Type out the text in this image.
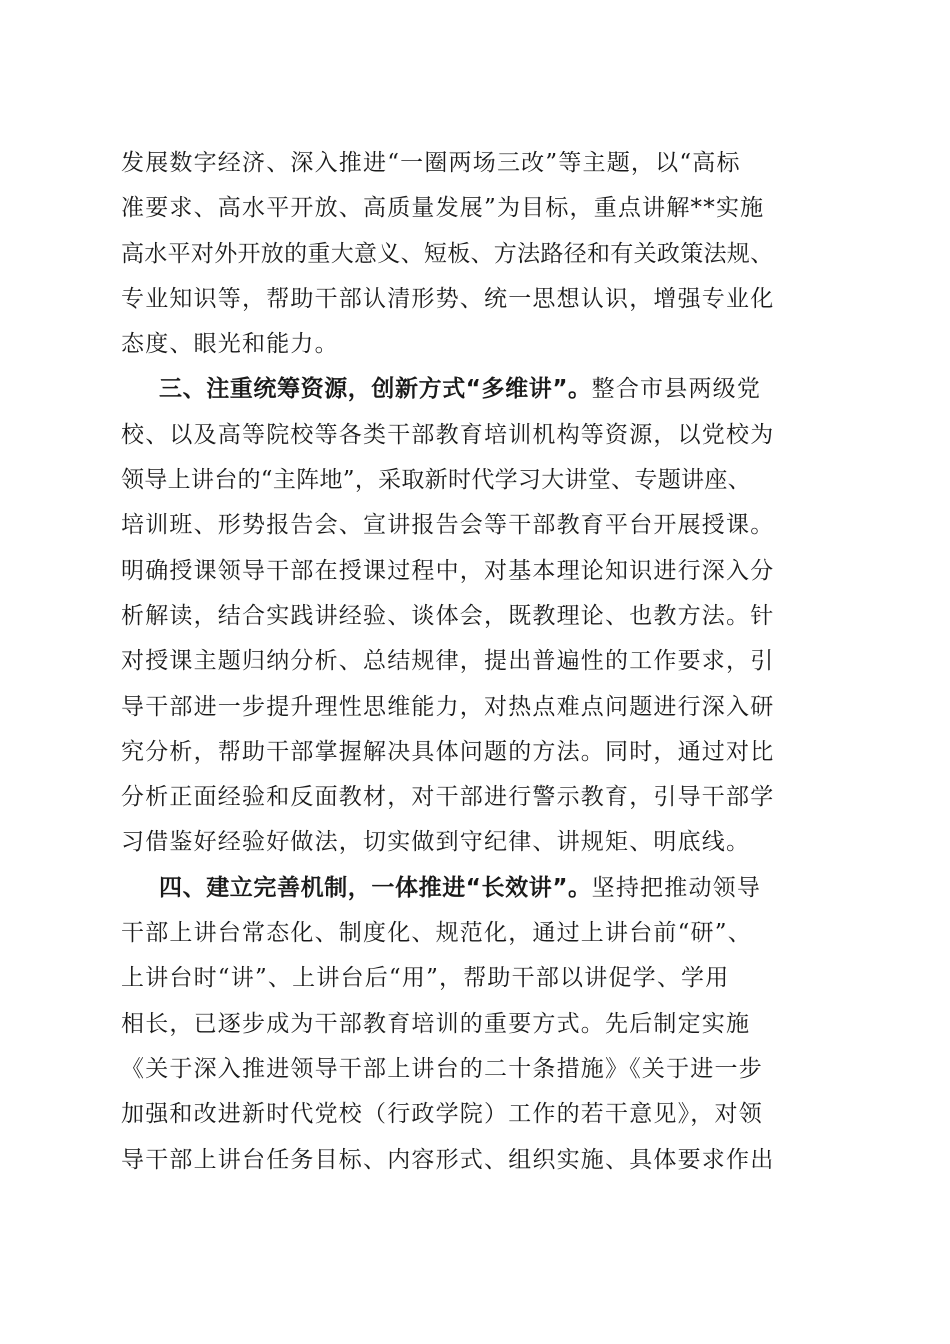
发展数字经济、深入推进“一圈两场三改”等主题，以“高标
准要求、高水平开放、高质量发展”为目标，重点讲解**实施
高水平对外开放的重大意义、短板、方法路径和有关政策法规、
专业知识等，帮助干部认清形势、统一思想认识，增强专业化
态度、眼光和能力。
三、注重统筹资源，创新方式“多维讲”。整合市县两级党
校、以及高等院校等各类干部教育培训机构等资源，以党校为
领导上讲台的“主阵地”，采取新时代学习大讲堂、专题讲座、
培训班、形势报告会、宣讲报告会等干部教育平台开展授课。
明确授课领导干部在授课过程中，对基本理论知识进行深入分
析解读，结合实践讲经验、谈体会，既教理论、也教方法。针
对授课主题归纳分析、总结规律，提出普遍性的工作要求，引
导干部进一步提升理性思维能力，对热点难点问题进行深入研
究分析，帮助干部掌握解决具体问题的方法。同时，通过对比
分析正面经验和反面教材，对干部进行警示教育，引导干部学
习借鉴好经验好做法，切实做到守纪律、讲规矩、明底线。
四、建立完善机制，一体推进“长效讲”。坚持把推动领导
干部上讲台常态化、制度化、规范化，通过上讲台前“研”、
上讲台时“讲”、上讲台后“用”，帮助干部以讲促学、学用
相长，已逐步成为干部教育培训的重要方式。先后制定实施
《关于深入推进领导干部上讲台的二十条措施》《关于进一步
加强和改进新时代党校（行政学院）工作的若干意见》，对领
导干部上讲台任务目标、内容形式、组织实施、具体要求作出
